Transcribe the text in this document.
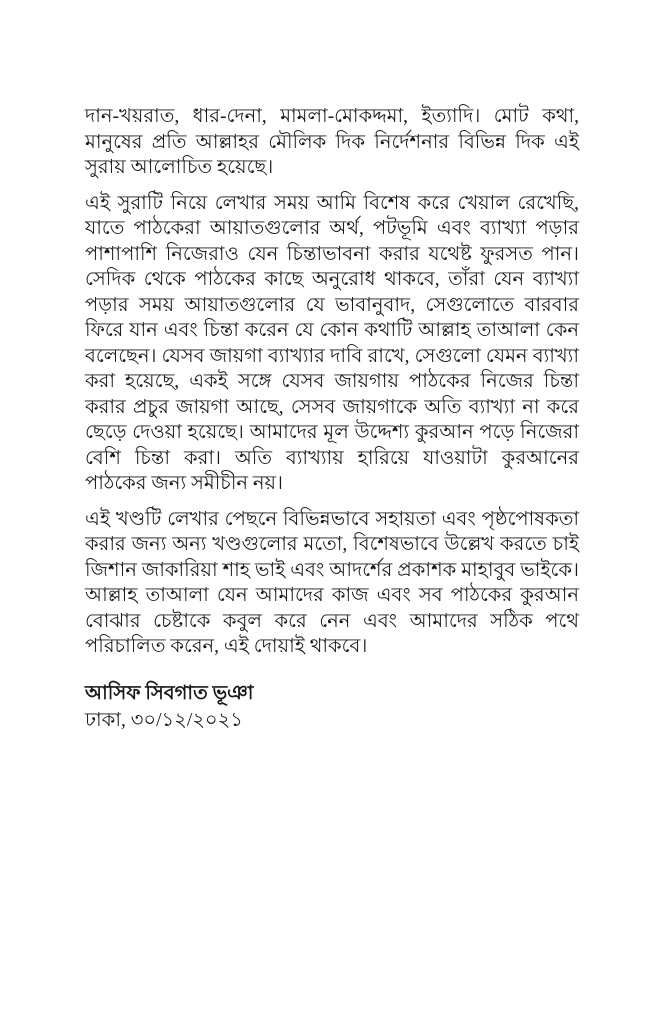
দান-খয়রাত, ধার-দেনা, মামলা-মোকদ্দমা, ইত্যাদি। মোট কথা, মানুষের প্রতি আল্লাহর মৌলিক দিক নির্দেশনার বিভিন্ন দিক এই সুরায় আলোচিত হয়েছে।

এই সুরাটি নিয়ে লেখার সময় আমি বিশেষ করে খেয়াল রেখেছি, যাতে পাঠকেরা আয়াতগুলোর অর্থ, পটভূমি এবং ব্যাখ্যা পড়ার পাশাপাশি নিজেরাও যেন চিন্তাভাবনা করার যথেষ্ট ফুরসত পান। সেদিক থেকে পাঠকের কাছে অনুরোধ থাকবে, তাঁরা যেন ব্যাখ্যা পড়ার সময় আয়াতগুলোর যে ভাবানুবাদ, সেগুলোতে বারবার ফিরে যান এবং চিন্তা করেন যে কোন কথাটি আল্লাহ তাআলা কেন বলেছেন। যেসব জায়গা ব্যাখ্যার দাবি রাখে, সেগুলো যেমন ব্যাখ্যা করা হয়েছে, একই সঙ্গে যেসব জায়গায় পাঠকের নিজের চিন্তা করার প্রচুর জায়গা আছে, সেসব জায়গাকে অতি ব্যাখ্যা না করে ছেড়ে দেওয়া হয়েছে। আমাদের মূল উদ্দেশ্য কুরআন পড়ে নিজেরা বেশি চিন্তা করা। অতি ব্যাখ্যায় হারিয়ে যাওয়াটা কুরআনের পাঠকের জন্য সমীচীন নয়।

এই খণ্ডটি লেখার পেছনে বিভিন্নভাবে সহায়তা এবং পৃষ্ঠপোষকতা করার জন্য অন্য খণ্ডগুলোর মতো, বিশেষভাবে উল্লেখ করতে চাই জিশান জাকারিয়া শাহ ভাই এবং আদর্শের প্রকাশক মাহাবুব ভাইকে। আল্লাহ তাআলা যেন আমাদের কাজ এবং সব পাঠকের কুরআন বোঝার চেষ্টাকে কবুল করে নেন এবং আমাদের সঠিক পথে পরিচালিত করেন, এই দোয়াই থাকবে।

আসিফ সিবগাত ভূঞা
ঢাকা, ৩০/১২/২০২১
